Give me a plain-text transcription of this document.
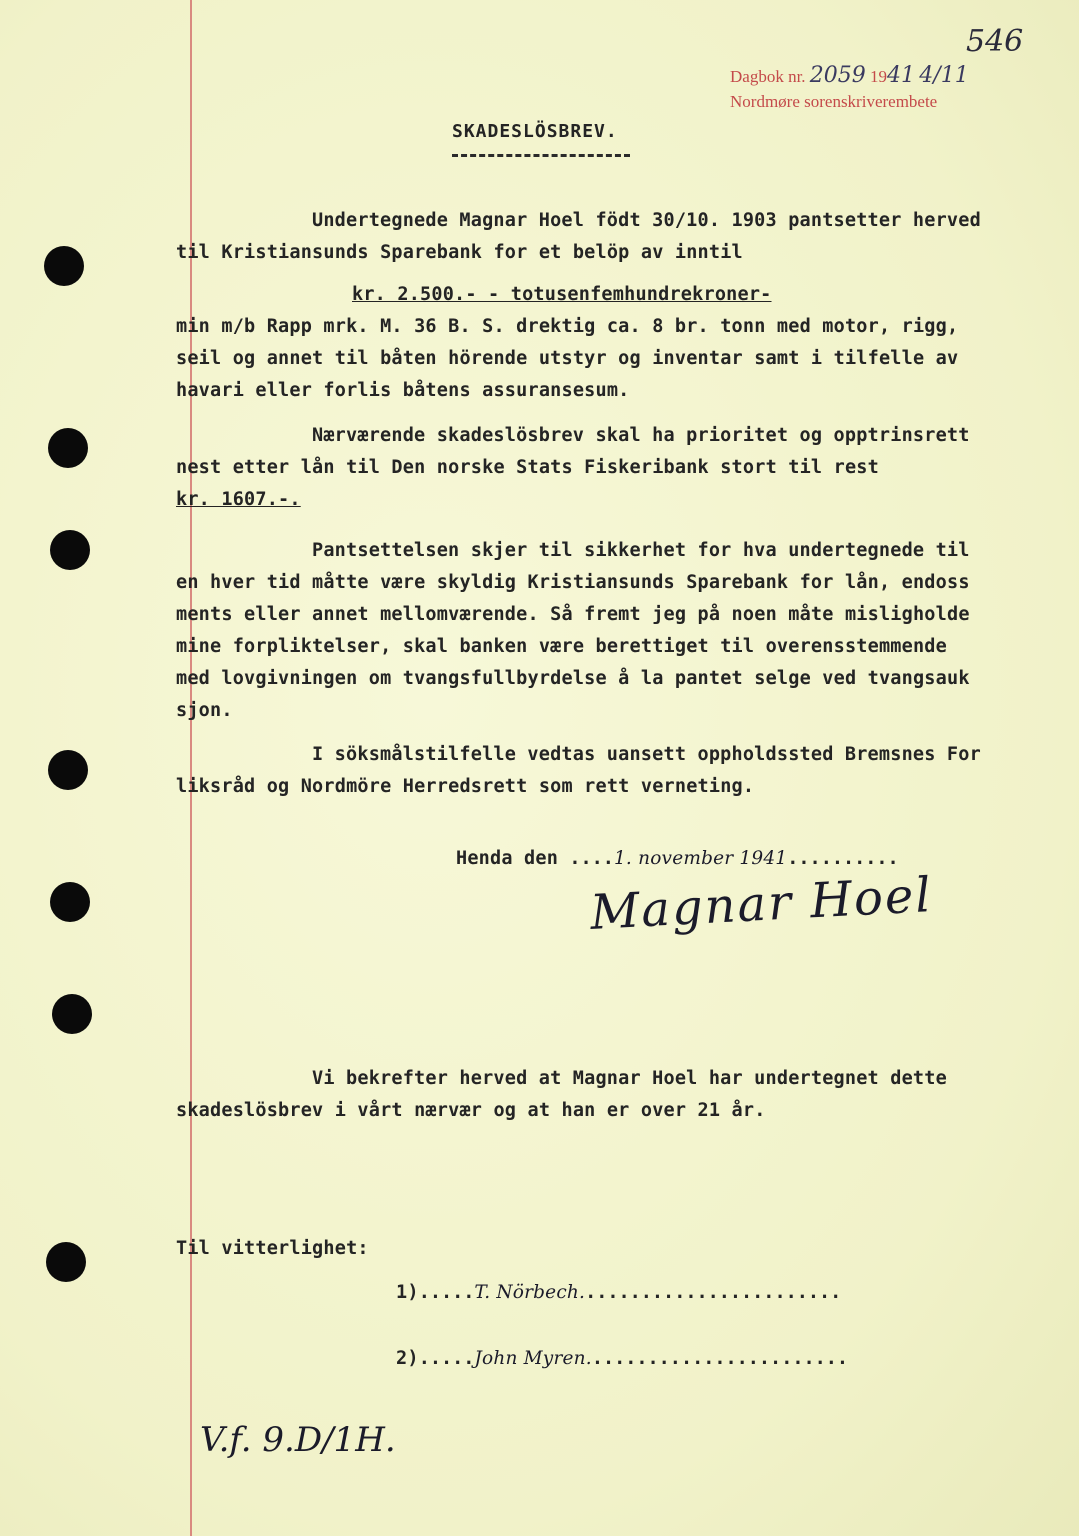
546
Dagbok nr. 2059 1941 4/11
Nordmøre sorenskriverembete
SKADESLÖSBREV.
Undertegnede Magnar Hoel födt 30/10. 1903 pantsetter herved
til Kristiansunds Sparebank for et belöp av inntil
kr. 2.500.- - totusenfemhundrekroner-
min m/b Rapp mrk. M. 36 B. S. drektig ca. 8 br. tonn med motor, rigg,
seil og annet til båten hörende utstyr og inventar samt i tilfelle av
havari eller forlis båtens assuransesum.
Nærværende skadeslösbrev skal ha prioritet og opptrinsrett
nest etter lån til Den norske Stats Fiskeribank stort til rest
kr. 1607.-.
Pantsettelsen skjer til sikkerhet for hva undertegnede til
en hver tid måtte være skyldig Kristiansunds Sparebank for lån, endoss
ments eller annet mellomværende. Så fremt jeg på noen måte misligholde
mine forpliktelser, skal banken være berettiget til overensstemmende
med lovgivningen om tvangsfullbyrdelse å la pantet selge ved tvangsauk
sjon.
I söksmålstilfelle vedtas uansett oppholdssted Bremsnes For
liksråd og Nordmöre Herredsrett som rett verneting.
Henda den ....1. november 1941..........
Magnar Hoel
Vi bekrefter herved at Magnar Hoel har undertegnet dette
skadeslösbrev i vårt nærvær og at han er over 21 år.
Til vitterlighet:
1).....T. Nörbech........................
2).....John Myren........................
V.f. 9.D/1H.
